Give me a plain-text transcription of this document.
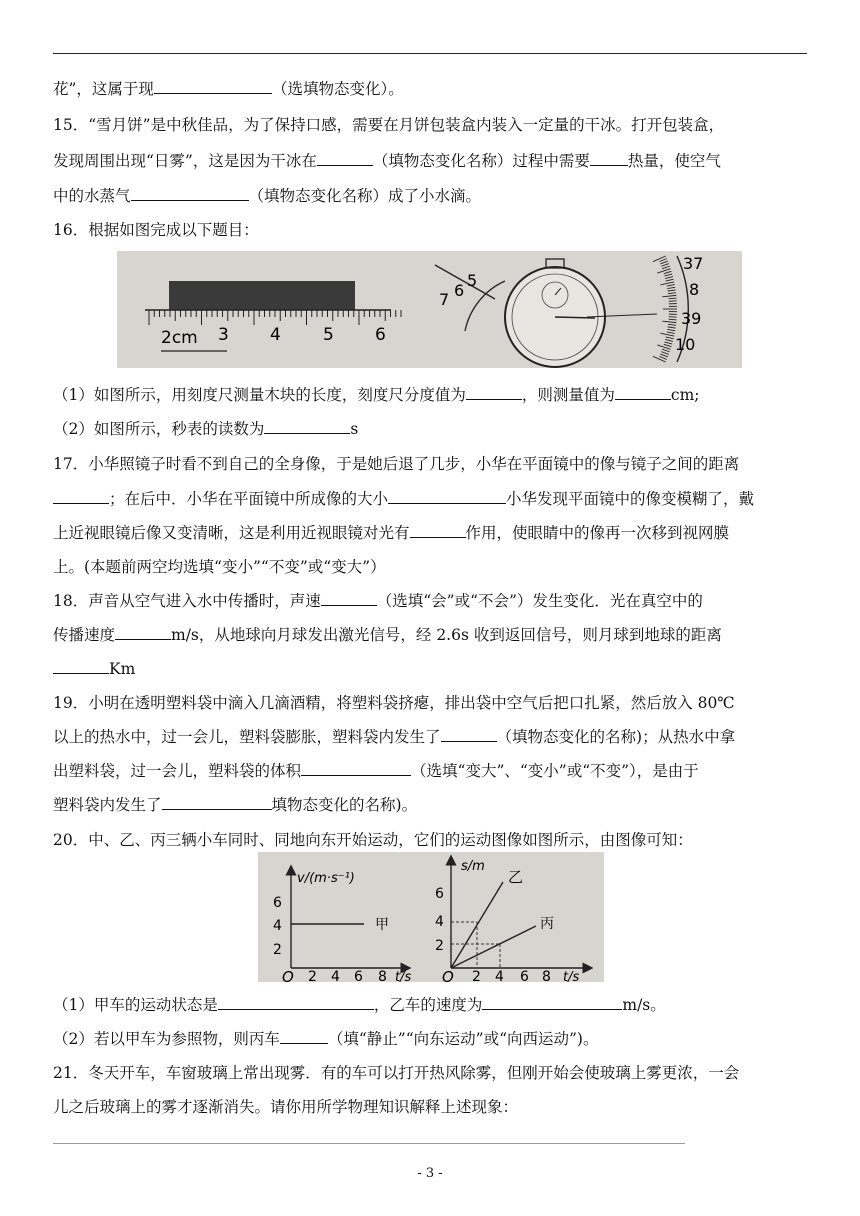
花”，这属于现	（选填物态变化）。
15．“雪月饼”是中秋佳品，为了保持口感，需要在月饼包装盒内装入一定量的干冰。打开包装盒，
发现周围出现“日雾”，这是因为干冰在	（填物态变化名称）过程中需要 热量，使空气
中的水蒸气	（填物态变化名称）成了小水滴。
16．根据如图完成以下题目：
2cm 3 4 5 6
7 6
5
37
8
39
10
（1）如图所示，用刻度尺测量木块的长度，刻度尺分度值为	，则测量值为	cm;
（2）如图所示，秒表的读数为	s
17．小华照镜子时看不到自己的全身像，于是她后退了几步，小华在平面镜中的像与镜子之间的距离
；在后中．小华在平面镜中所成像的大小	小华发现平面镜中的像变模糊了，戴
上近视眼镜后像又变清晰，这是利用近视眼镜对光有	作用，使眼睛中的像再一次移到视网膜
上。(本题前两空均选填“变小”“不变”或“变大”）
18．声音从空气进入水中传播时，声速	（选填“会”或“不会”）发生变化．光在真空中的
传播速度	m/s，从地球向月球发出激光信号，经 2.6s 收到返回信号，则月球到地球的距离
Km
19．小明在透明塑料袋中滴入几滴酒精，将塑料袋挤瘪，排出袋中空气后把口扎紧，然后放入 80℃
以上的热水中，过一会儿，塑料袋膨胀，塑料袋内发生了	（填物态变化的名称)；从热水中拿
出塑料袋，过一会儿，塑料袋的体积	（选填“变大”、“变小”或“不变”），是由于
塑料袋内发生了	填物态变化的名称)。
20．中、乙、丙三辆小车同时、同地向东开始运动，它们的运动图像如图所示，由图像可知：
v/(m·s⁻¹)
6
4
2
O 2 4 6 8 t/s
甲
s/m
6
4
2
O 2 4 6 8 t/s
乙
丙
（1）甲车的运动状态是	，乙车的速度为	m/s。
（2）若以甲车为参照物，则丙车	（填“静止”“向东运动”或“向西运动”)。
21．冬天开车，车窗玻璃上常出现雾．有的车可以打开热风除雾，但刚开始会使玻璃上雾更浓，一会
儿之后玻璃上的雾才逐渐消失。请你用所学物理知识解释上述现象：
- 3 -
